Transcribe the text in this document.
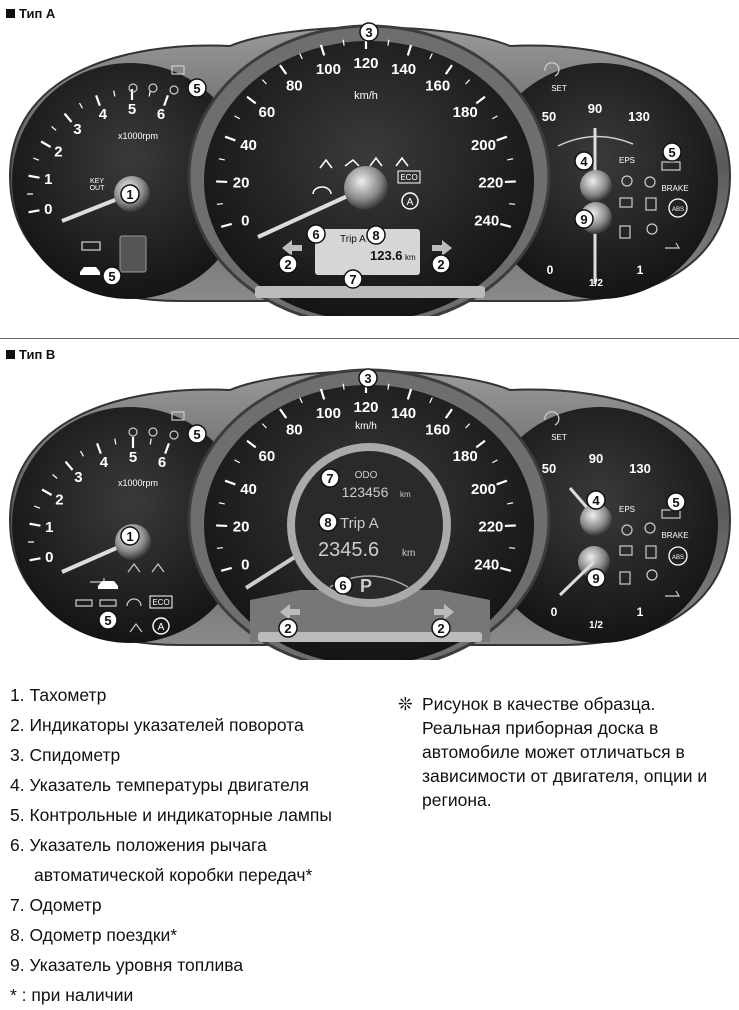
Тип A
0
20
40
60
80
100 120 140
160
180
200
220
240
km/h
Trip A
123.6 km
ECO
A
0
1
2
3
4 5 6
x1000rpm
KEY
OUT
50
90
130
0
1/2
1
SET
EPS
BRAKE
ABS
1
2	2
3
4
5
5
5
6
7
8
9
Тип B
0
20
40
60
80
100 120 140
160
180
200
220
240
km/h
ODO
123456 km
Trip A
2345.6 km
P
0
1
2
3
4 5 6
x1000rpm
ECO
A
50
90
130
0
1/2
1
SET
EPS
BRAKE
ABS
1
2	2
3
4
5
5
5
6
7
8
9
1. Тахометр
2. Индикаторы указателей поворота
3. Спидометр
4. Указатель температуры двигателя
5. Контрольные и индикаторные лампы
6. Указатель положения рычага
автоматической коробки передач*
7. Одометр
8. Одометр поездки*
9. Указатель уровня топлива
* : при наличии
❊ Рисунок в качестве образца. Реальная приборная доска в автомобиле может отличаться в зависимости от двигателя, опции и региона.
